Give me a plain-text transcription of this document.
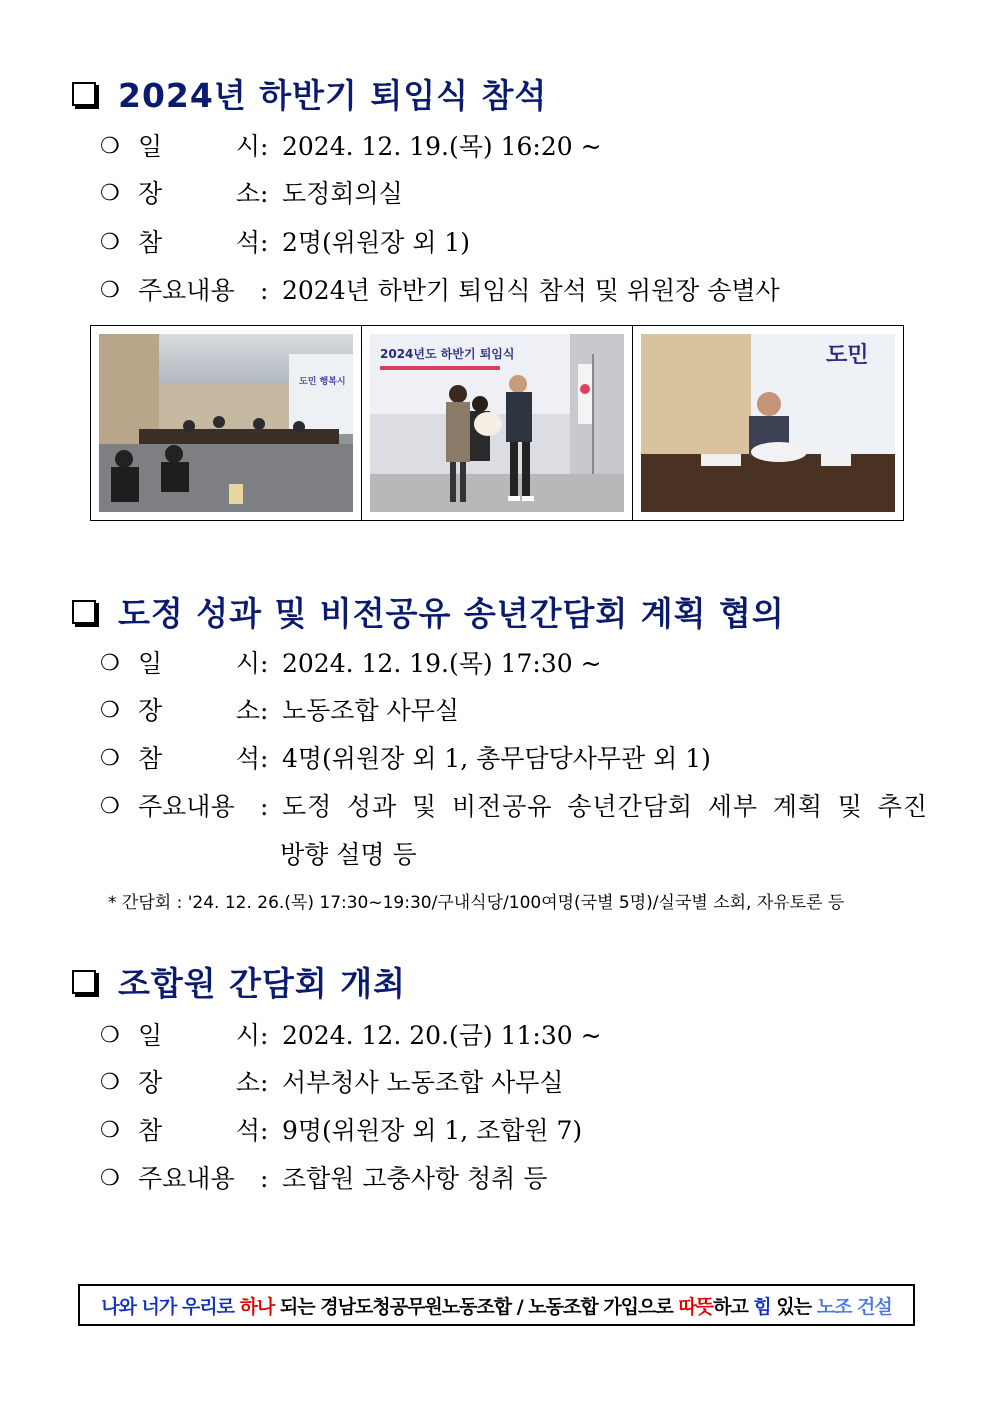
2024년 하반기 퇴임식 참석
❍ 일	시 : 2024. 12. 19.(목) 16:20 ~
❍ 장	소 : 도정회의실
❍ 참	석 : 2명(위원장 외 1)
❍ 주요내용 : 2024년 하반기 퇴임식 참석 및 위원장 송별사
도민 행복시
2024년도 하반기 퇴임식	도민
도정 성과 및 비전공유 송년간담회 계획 협의
❍ 일	시 : 2024. 12. 19.(목) 17:30 ~
❍ 장	소 : 노동조합 사무실
❍ 참	석 : 4명(위원장 외 1, 총무담당사무관 외 1)
❍ 주요내용 : 도정 성과 및 비전공유 송년간담회 세부 계획 및 추진
방향 설명 등
* 간담회 : '24. 12. 26.(목) 17:30~19:30/구내식당/100여명(국별 5명)/실국별 소회, 자유토론 등
조합원 간담회 개최
❍ 일	시 : 2024. 12. 20.(금) 11:30 ~
❍ 장	소 : 서부청사 노동조합 사무실
❍ 참	석 : 9명(위원장 외 1, 조합원 7)
❍ 주요내용 : 조합원 고충사항 청취 등
나와 너가 우리로 하나 되는 경남도청공무원노동조합 / 노동조합 가입으로 따뜻 하고 힘 있는 노조 건설
